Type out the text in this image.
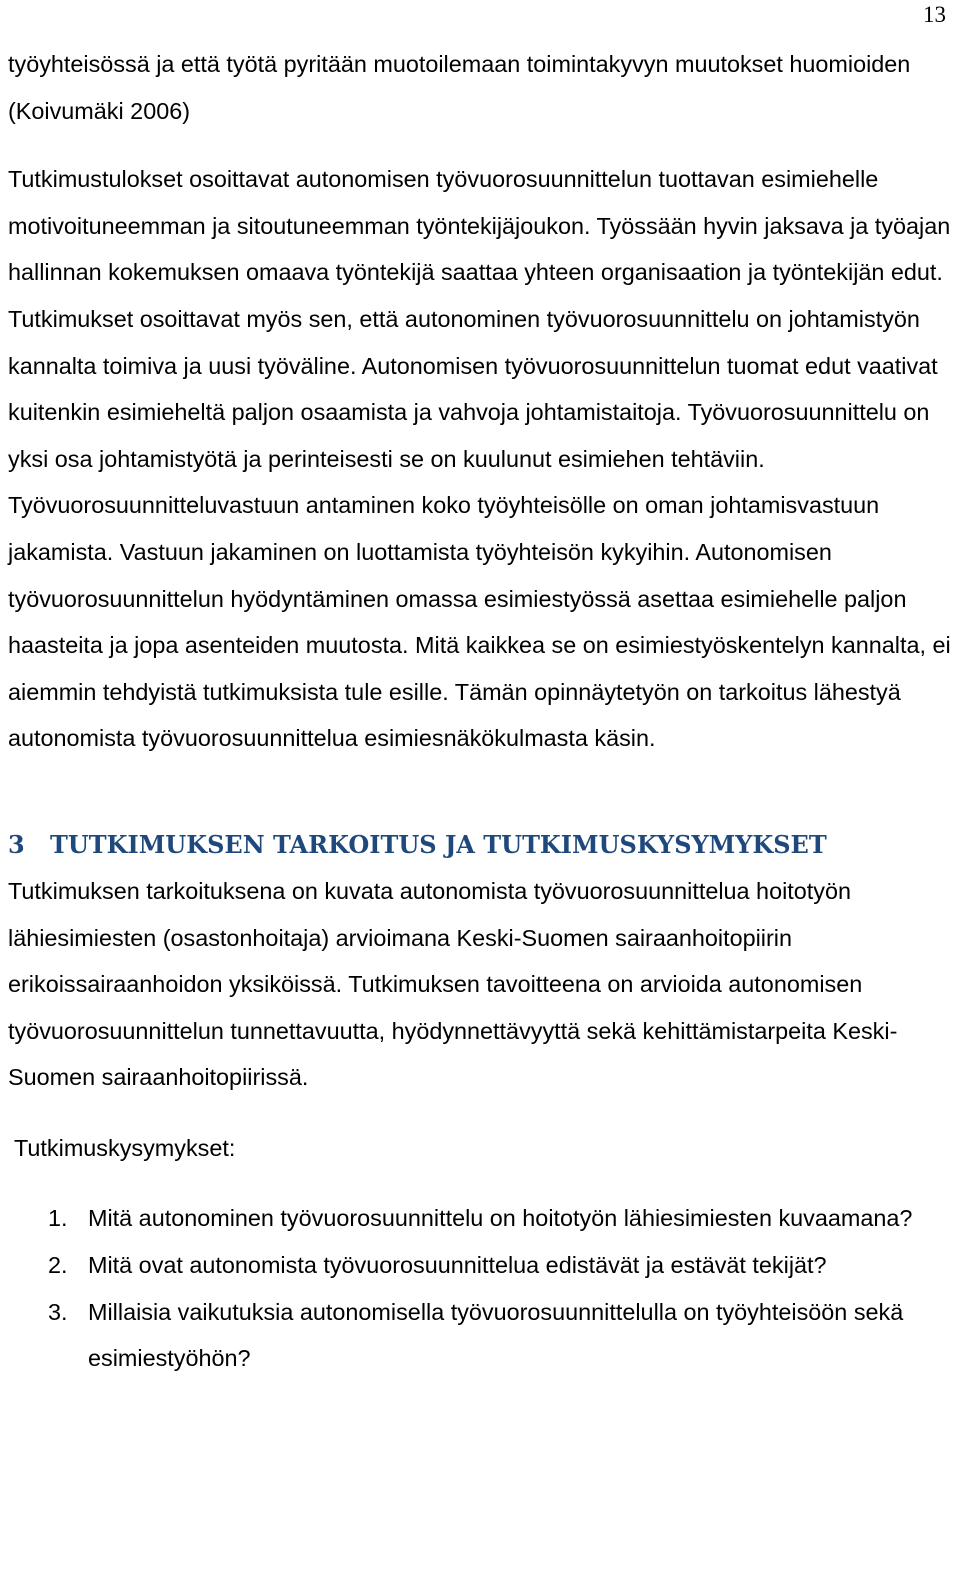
13

työyhteisössä ja että työtä pyritään muotoilemaan toimintakyvyn muutokset huomioiden (Koivumäki 2006)

Tutkimustulokset osoittavat autonomisen työvuorosuunnittelun tuottavan esimiehelle motivoituneemman ja sitoutuneemman työntekijäjoukon. Työssään hyvin jaksava ja työajan hallinnan kokemuksen omaava työntekijä saattaa yhteen organisaation ja työntekijän edut. Tutkimukset osoittavat myös sen, että autonominen työvuorosuunnittelu on johtamistyön kannalta toimiva ja uusi työväline. Autonomisen työvuorosuunnittelun tuomat edut vaativat kuitenkin esimieheltä paljon osaamista ja vahvoja johtamistaitoja. Työvuorosuunnittelu on yksi osa johtamistyötä ja perinteisesti se on kuulunut esimiehen tehtäviin. Työvuorosuunnitteluvastuun antaminen koko työyhteisölle on oman johtamisvastuun jakamista. Vastuun jakaminen on luottamista työyhteisön kykyihin. Autonomisen työvuorosuunnittelun hyödyntäminen omassa esimiestyössä asettaa esimiehelle paljon haasteita ja jopa asenteiden muutosta. Mitä kaikkea se on esimiestyöskentelyn kannalta, ei aiemmin tehdyistä tutkimuksista tule esille. Tämän opinnäytetyön on tarkoitus lähestyä autonomista työvuorosuunnittelua esimiesnäkökulmasta käsin.

3 TUTKIMUKSEN TARKOITUS JA TUTKIMUSKYSYMYKSET

Tutkimuksen tarkoituksena on kuvata autonomista työvuorosuunnittelua hoitotyön lähiesimiesten (osastonhoitaja) arvioimana Keski-Suomen sairaanhoitopiirin erikoissairaanhoidon yksiköissä. Tutkimuksen tavoitteena on arvioida autonomisen työvuorosuunnittelun tunnettavuutta, hyödynnettävyyttä sekä kehittämistarpeita Keski-Suomen sairaanhoitopiirissä.

Tutkimuskysymykset:

1. Mitä autonominen työvuorosuunnittelu on hoitotyön lähiesimiesten kuvaamana?
2. Mitä ovat autonomista työvuorosuunnittelua edistävät ja estävät tekijät?
3. Millaisia vaikutuksia autonomisella työvuorosuunnittelulla on työyhteisöön sekä esimiestyöhön?
